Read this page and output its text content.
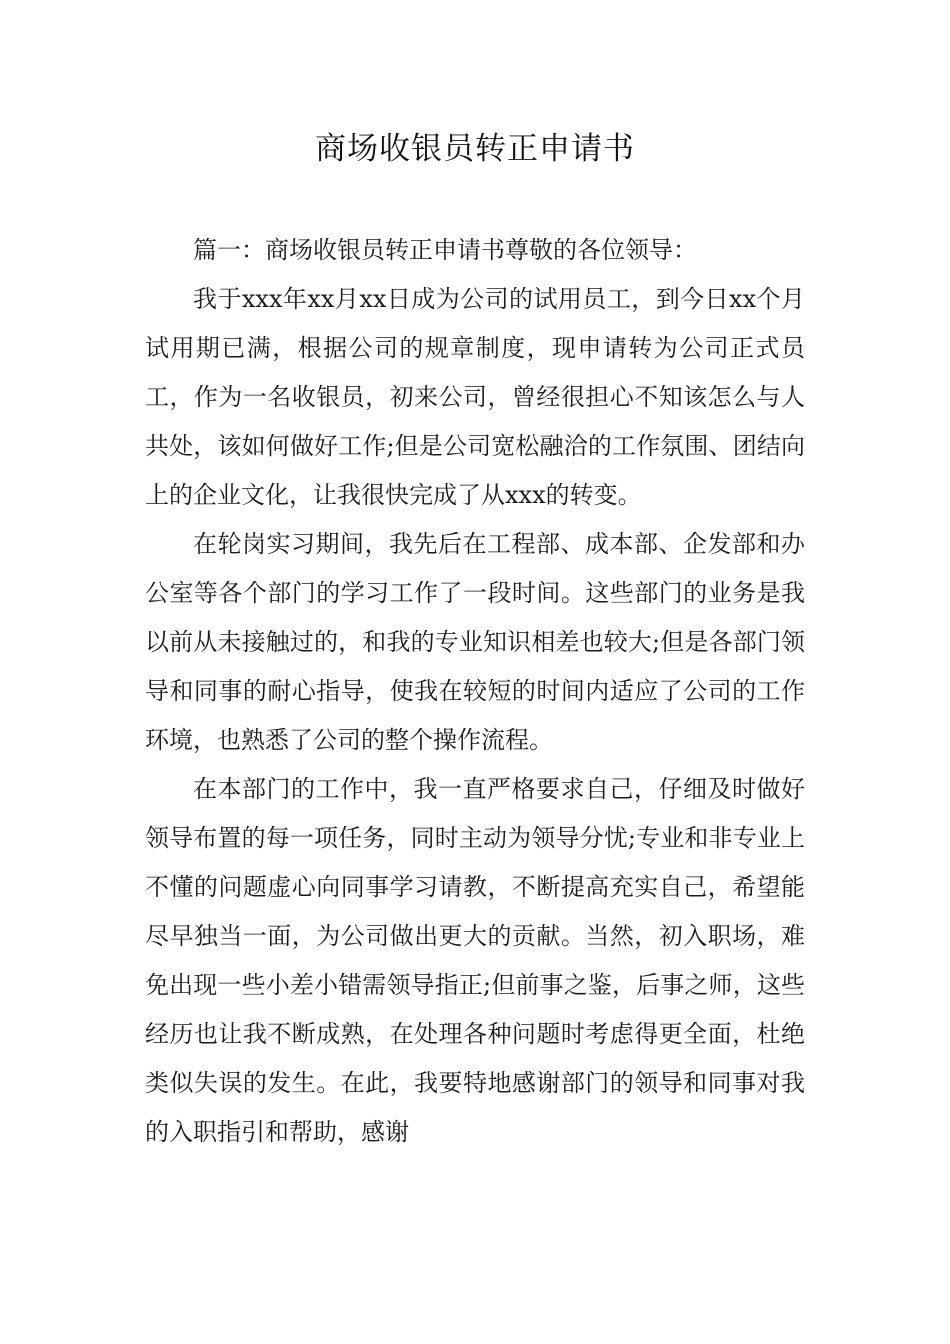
商场收银员转正申请书

篇一：商场收银员转正申请书尊敬的各位领导：

我于xxx年xx月xx日成为公司的试用员工，到今日xx个月试用期已满，根据公司的规章制度，现申请转为公司正式员工，作为一名收银员，初来公司，曾经很担心不知该怎么与人共处，该如何做好工作;但是公司宽松融洽的工作氛围、团结向上的企业文化，让我很快完成了从xxx的转变。

在轮岗实习期间，我先后在工程部、成本部、企发部和办公室等各个部门的学习工作了一段时间。这些部门的业务是我以前从未接触过的，和我的专业知识相差也较大;但是各部门领导和同事的耐心指导，使我在较短的时间内适应了公司的工作环境，也熟悉了公司的整个操作流程。

在本部门的工作中，我一直严格要求自己，仔细及时做好领导布置的每一项任务，同时主动为领导分忧;专业和非专业上不懂的问题虚心向同事学习请教，不断提高充实自己，希望能尽早独当一面，为公司做出更大的贡献。当然，初入职场，难免出现一些小差小错需领导指正;但前事之鉴，后事之师，这些经历也让我不断成熟，在处理各种问题时考虑得更全面，杜绝类似失误的发生。在此，我要特地感谢部门的领导和同事对我的入职指引和帮助，感谢
